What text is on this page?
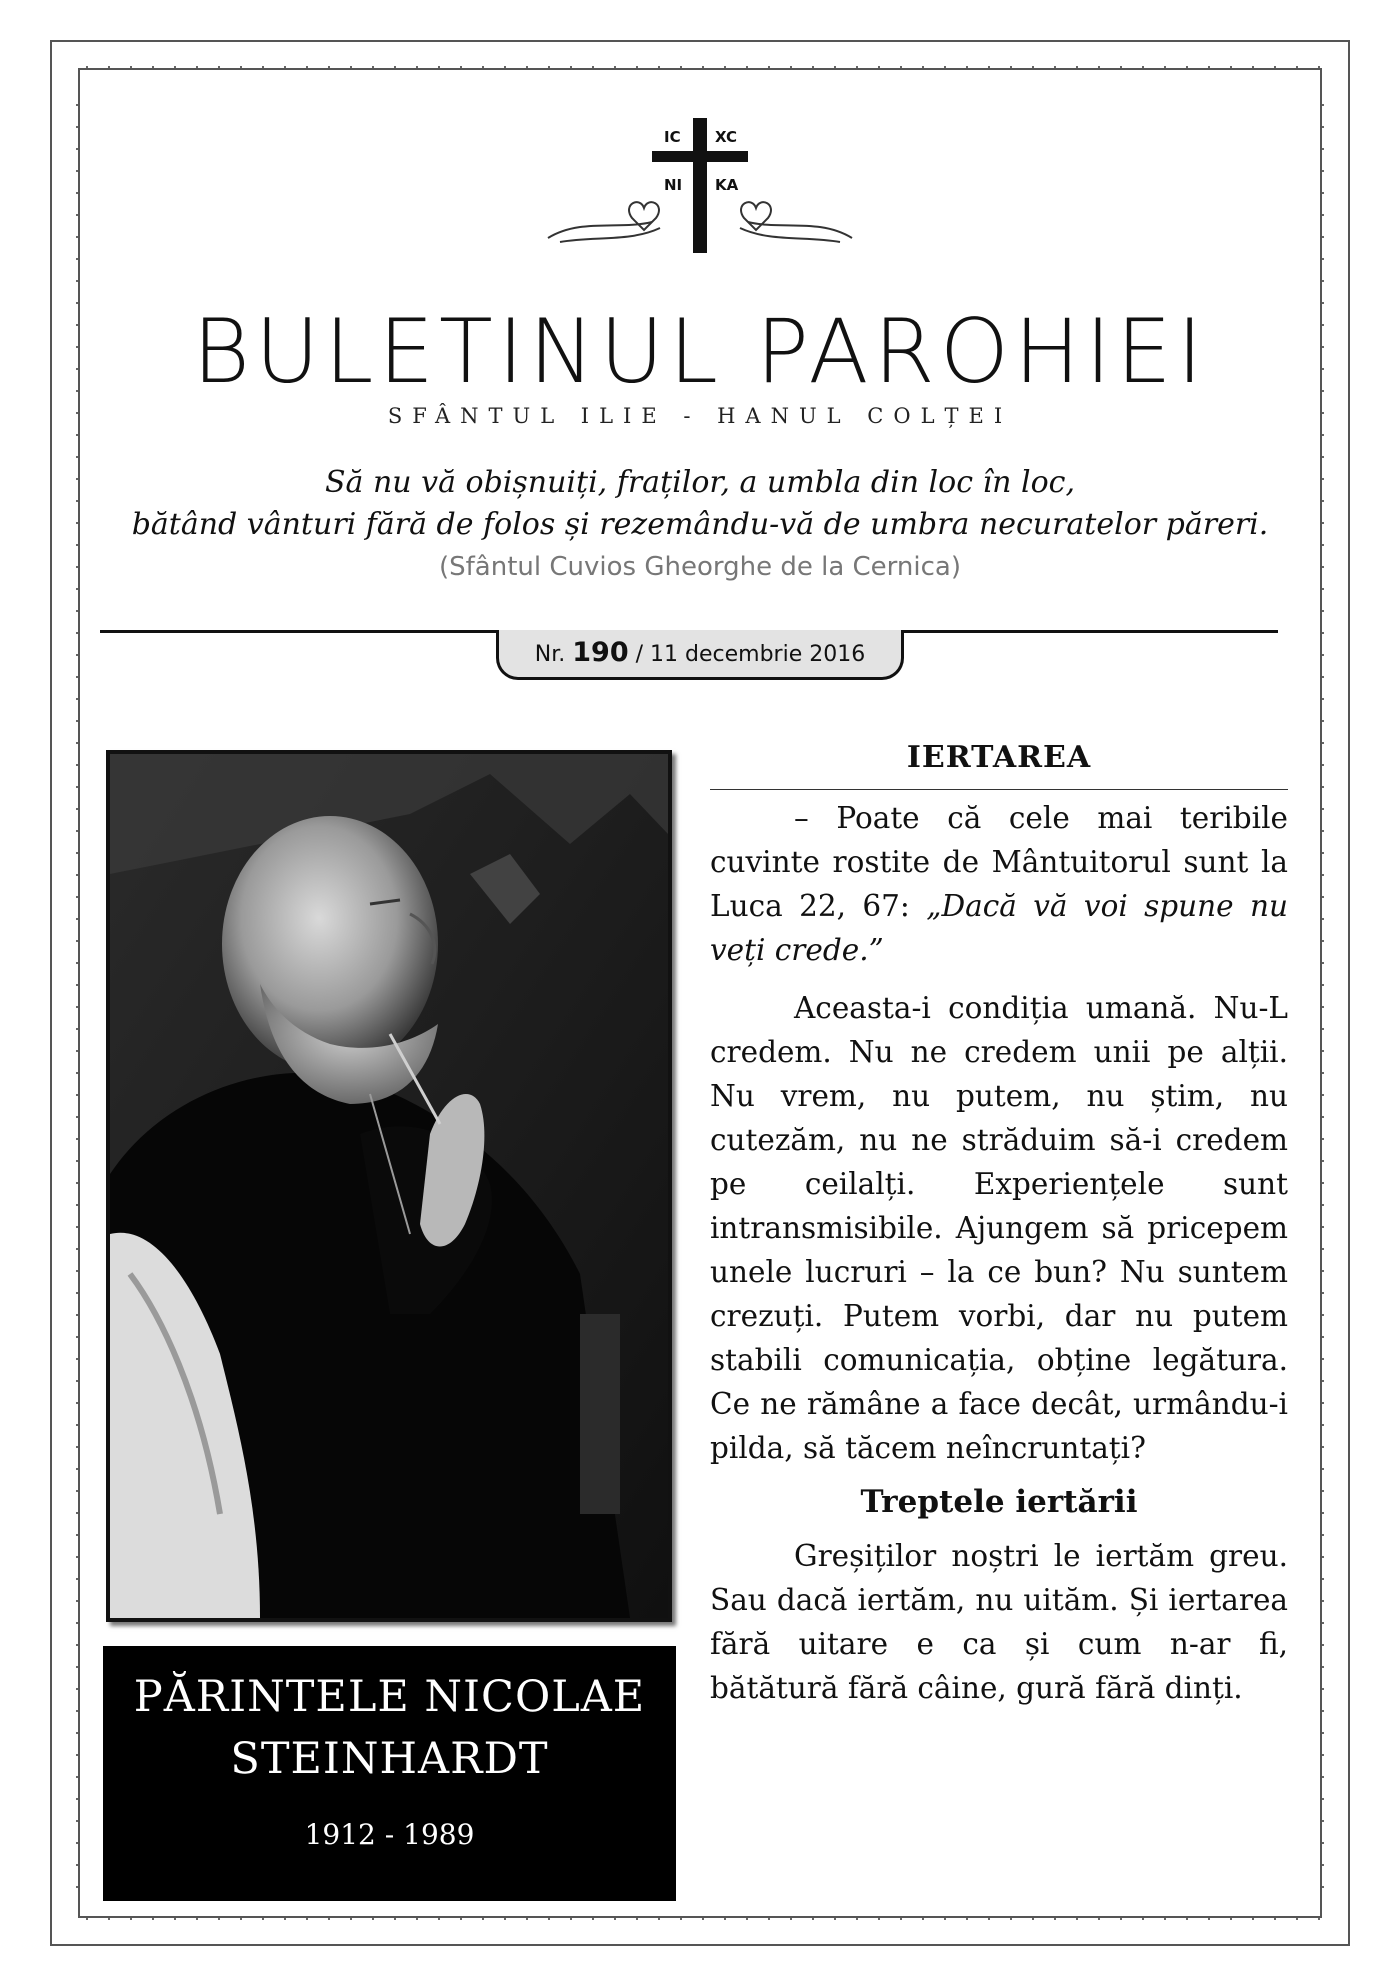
IC XC
NI KA
BULETINUL PAROHIEI
SFÂNTUL ILIE - HANUL COLȚEI
Să nu vă obișnuiți, fraților, a umbla din loc în loc,
bătând vânturi fără de folos și rezemându-vă de umbra necuratelor păreri.
(Sfântul Cuvios Gheorghe de la Cernica)
Nr. 190 / 11 decembrie 2016
PĂRINTELE NICOLAE
STEINHARDT
1912 - 1989
IERTAREA

– Poate că cele mai teribile cuvinte rostite de Mântuitorul sunt la Luca 22, 67: „Dacă vă voi spune nu veți crede.”

Aceasta-i condiția umană. Nu-L credem. Nu ne credem unii pe alții. Nu vrem, nu putem, nu știm, nu cutezăm, nu ne străduim să-i credem pe ceilalți. Experiențele sunt intransmisibile. Ajungem să pricepem unele lucruri – la ce bun? Nu suntem crezuți. Putem vorbi, dar nu putem stabili comunicația, obține legătura. Ce ne rămâne a face decât, urmându-i pilda, să tăcem neîncruntați?

Treptele iertării

Greșiților noștri le iertăm greu. Sau dacă iertăm, nu uităm. Și iertarea fără uitare e ca și cum n-ar fi, bătătură fără câine, gură fără dinți.
